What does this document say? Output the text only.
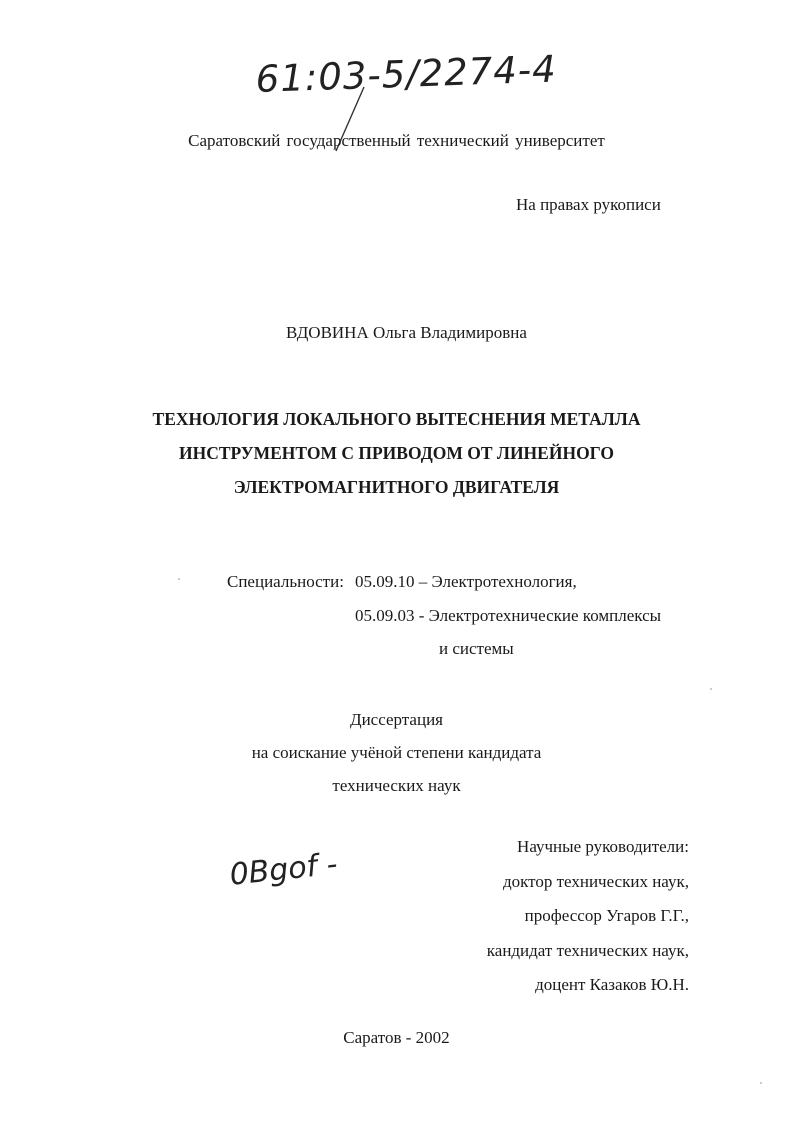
61:03-5/2274-4
Саратовский государственный технический университет
На правах рукописи
ВДОВИНА Ольга Владимировна
ТЕХНОЛОГИЯ ЛОКАЛЬНОГО ВЫТЕСНЕНИЯ МЕТАЛЛА
ИНСТРУМЕНТОМ С ПРИВОДОМ ОТ ЛИНЕЙНОГО
ЭЛЕКТРОМАГНИТНОГО ДВИГАТЕЛЯ
Специальности: 05.09.10 – Электротехнология,
05.09.03 - Электротехнические комплексы
и системы
Диссертация
на соискание учёной степени кандидата
технических наук
Научные руководители:
доктор технических наук,
профессор Угаров Г.Г.,
кандидат технических наук,
доцент Казаков Ю.Н.
0Bgof -
Саратов - 2002
